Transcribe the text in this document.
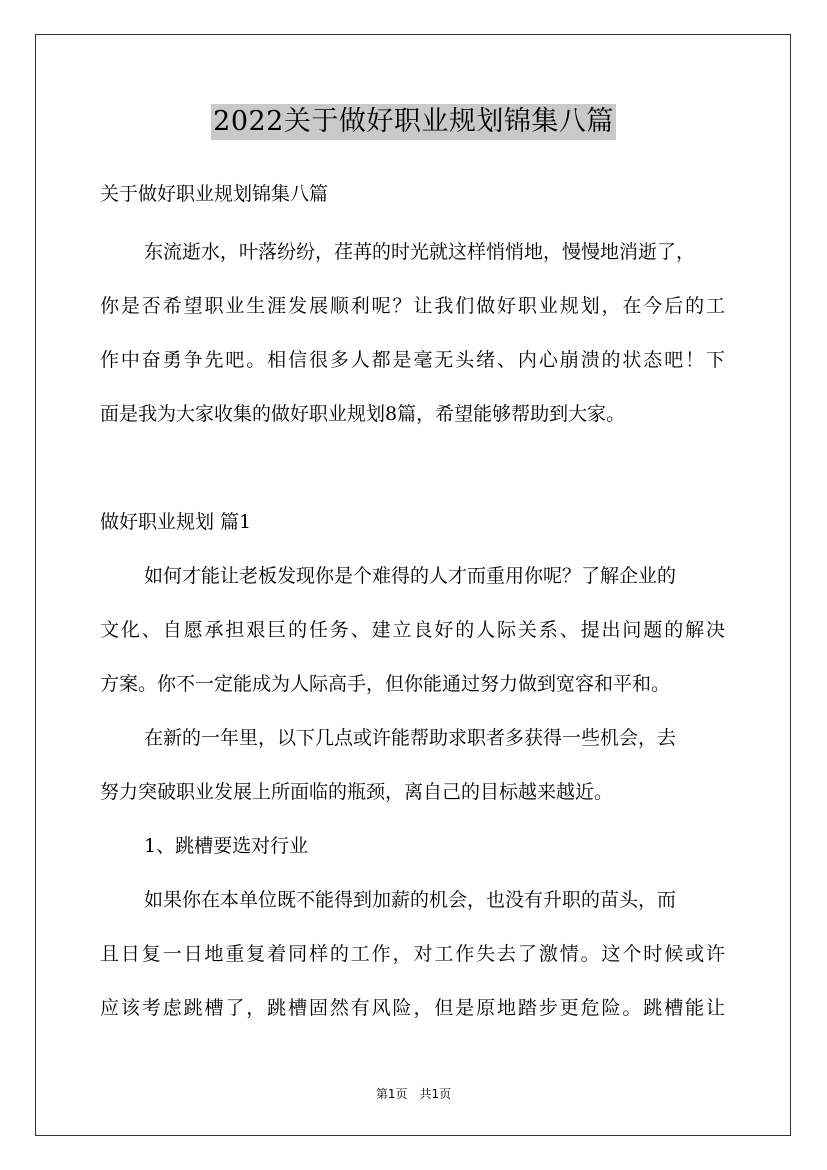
2022关于做好职业规划锦集八篇
关于做好职业规划锦集八篇
东流逝水，叶落纷纷，荏苒的时光就这样悄悄地，慢慢地消逝了，
你是否希望职业生涯发展顺利呢？让我们做好职业规划，在今后的工
作中奋勇争先吧。相信很多人都是毫无头绪、内心崩溃的状态吧！下
面是我为大家收集的做好职业规划8篇，希望能够帮助到大家。
做好职业规划 篇1
如何才能让老板发现你是个难得的人才而重用你呢？了解企业的
文化、自愿承担艰巨的任务、建立良好的人际关系、提出问题的解决
方案。你不一定能成为人际高手，但你能通过努力做到宽容和平和。
在新的一年里，以下几点或许能帮助求职者多获得一些机会，去
努力突破职业发展上所面临的瓶颈，离自己的目标越来越近。
1、跳槽要选对行业
如果你在本单位既不能得到加薪的机会，也没有升职的苗头，而
且日复一日地重复着同样的工作，对工作失去了激情。这个时候或许
应该考虑跳槽了，跳槽固然有风险，但是原地踏步更危险。跳槽能让
第1页　共1页
